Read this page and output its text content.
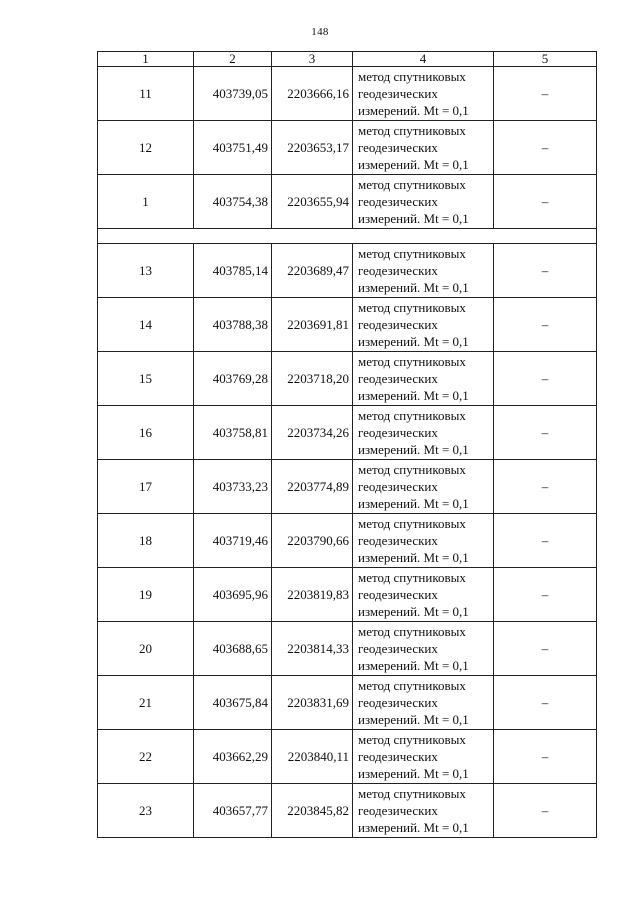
148
1	2	3	4	5
11	403739,05	2203666,16	метод спутниковых
геодезических
измерений. Mt = 0,1	–
12	403751,49	2203653,17	метод спутниковых
геодезических
измерений. Mt = 0,1	–
1	403754,38	2203655,94	метод спутниковых
геодезических
измерений. Mt = 0,1	–

13	403785,14	2203689,47	метод спутниковых
геодезических
измерений. Mt = 0,1	–
14	403788,38	2203691,81	метод спутниковых
геодезических
измерений. Mt = 0,1	–
15	403769,28	2203718,20	метод спутниковых
геодезических
измерений. Mt = 0,1	–
16	403758,81	2203734,26	метод спутниковых
геодезических
измерений. Mt = 0,1	–
17	403733,23	2203774,89	метод спутниковых
геодезических
измерений. Mt = 0,1	–
18	403719,46	2203790,66	метод спутниковых
геодезических
измерений. Mt = 0,1	–
19	403695,96	2203819,83	метод спутниковых
геодезических
измерений. Mt = 0,1	–
20	403688,65	2203814,33	метод спутниковых
геодезических
измерений. Mt = 0,1	–
21	403675,84	2203831,69	метод спутниковых
геодезических
измерений. Mt = 0,1	–
22	403662,29	2203840,11	метод спутниковых
геодезических
измерений. Mt = 0,1	–
23	403657,77	2203845,82	метод спутниковых
геодезических
измерений. Mt = 0,1	–
